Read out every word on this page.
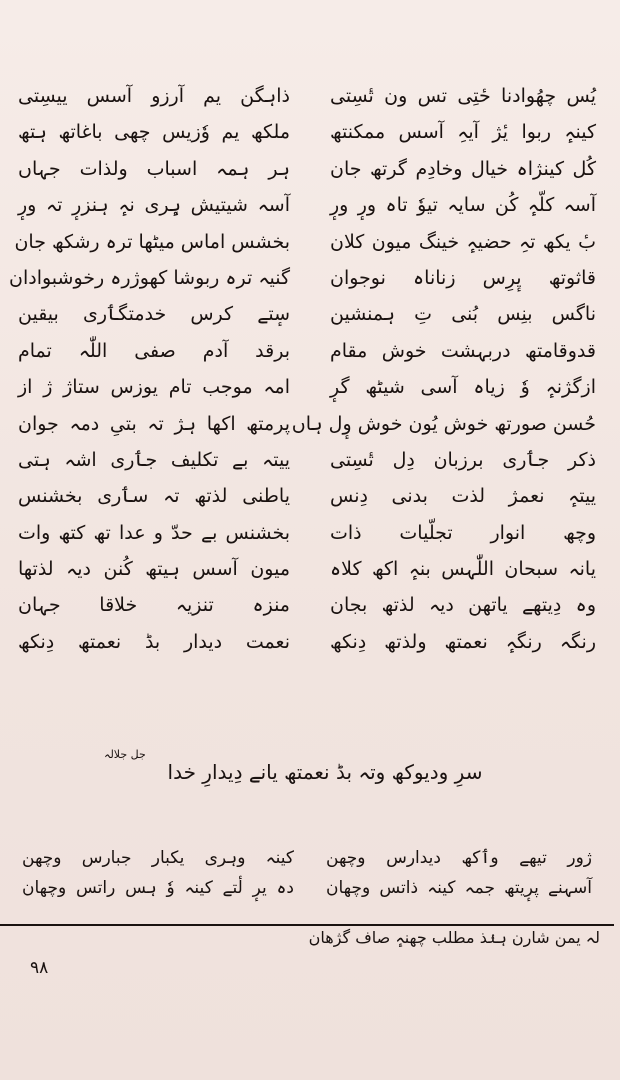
یُس چھُوادنا حٔتِی تس ون تٔسِتی
کینہٕ ربوا یٔژ آیہِ آسس ممکنتھ
کُل کینژاہ خیال وخادِم گرتھ جان
آسہ کلّہٕ کُن سایہ تیوٗ تاہ ورٕ ورٕ
بٔ یکھ تہِ حضیہٕ خینگ میون کلان
قاثوتھ یٕرِس زناناہ نوجوان
ناگس بنِس بُنی تِ ہمنشین
قدوقامتھ دربہشت خوش مقام
ازگژنہٕ وٗ زیاہ آسی شیٹھ گرٕ
حُسن صورتھ خوش یُون خوش وٕل ہاں
ذکر جٲری برزبان دِل تٔسِتی
ییتہٕ نعمژ لذت بدنی دِنس
وچھ انوار تجلّیات ذات
یانہ سبحان اللّٰہس بنہٕ اکھ کلاہ
وہ دِیتھے یاتھن دیہ لذتھ بجان
رنگہ رنگہٕ نعمتھ ولذتھ دِنکھ
ذاہگن یم آرزو آسس ییسِتی
ملکھ یم وٗزیس چھی باغاتھ ہتھ
ہر ہمہ اسباب ولذات جہاں
آسہ شیتیش ہٕری نہٕ ہنزرٕ تہ ورٕ
بخشس اماس میٹھا ترہ رشکھ جان
گنیہ ترہ ربوشا کھوژرہ رخوشبوادان
سٕتے کرس خدمتگٲری بیقین
برقد آدم صفی اللّٰہ تمام
امہ موجب تام یوزس ستاژ ژ از
پرمتھ اکھا ہژ تہ بتیِ دمہ جوان
ییتہ بے تکلیف جٲری اشہ ہتی
یاطنی لذتھ تہ سٲری بخشنس
بخشنس بے حدّ و عدا تھ کتھ وات
میون آسس ہیتھ کُنن دیہ لذتھا
منزہ تنزیہ خلاقا جہان
نعمت دیدار بڈ نعمتھ دِنکھ
جل جلالہ
سرِ ودیوکھ وتہ بڈ نعمتھ یانے دِیدارِ خدا
کینہ وہری یکبار جبارس وچھن
دہ یرٕ لٔتے کینہ وٗ ہس راتس وچھان
ژور تیھے وٲکھ دیدارس وچھن
آسہنے پرٕیتھ جمہ کینہ ذاتس وچھان
لہ یمن شارن ہنٛذ مطلب چھنہٕ صاف گژھان
۹۸
